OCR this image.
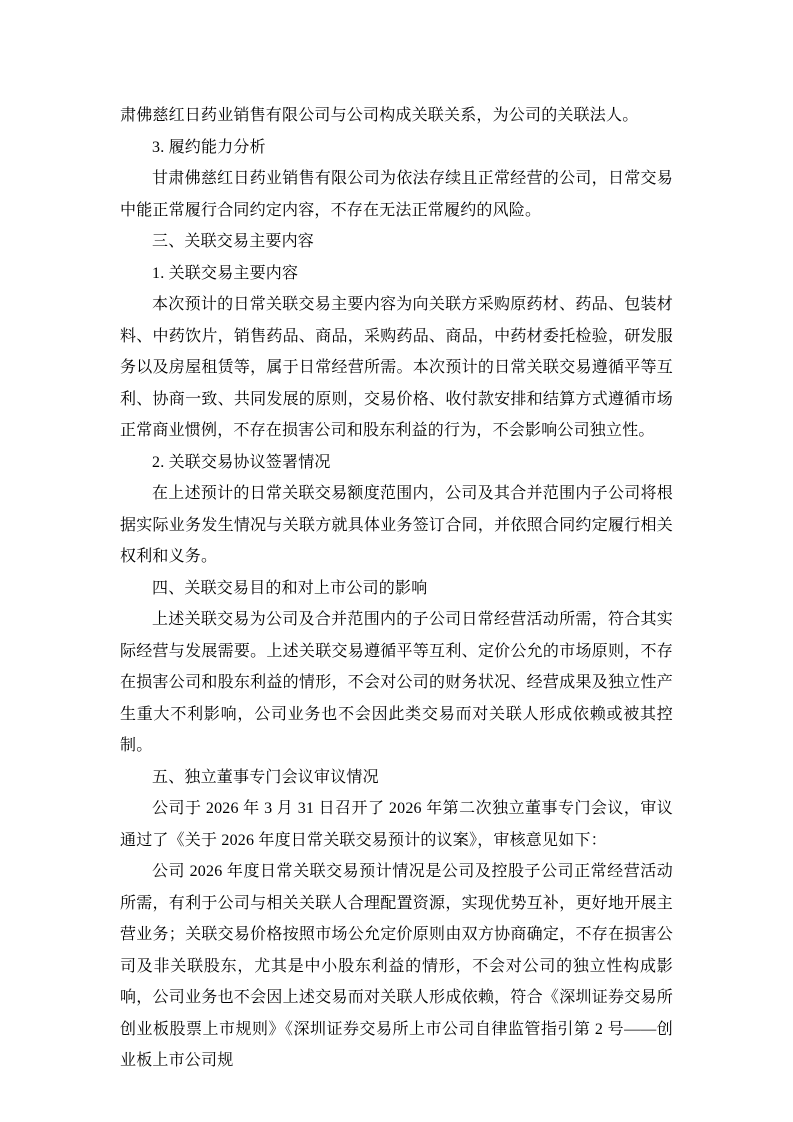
肃佛慈红日药业销售有限公司与公司构成关联关系，为公司的关联法人。

3. 履约能力分析

甘肃佛慈红日药业销售有限公司为依法存续且正常经营的公司，日常交易中能正常履行合同约定内容，不存在无法正常履约的风险。

三、关联交易主要内容

1. 关联交易主要内容

本次预计的日常关联交易主要内容为向关联方采购原药材、药品、包装材料、中药饮片，销售药品、商品，采购药品、商品，中药材委托检验，研发服务以及房屋租赁等，属于日常经营所需。本次预计的日常关联交易遵循平等互利、协商一致、共同发展的原则，交易价格、收付款安排和结算方式遵循市场正常商业惯例，不存在损害公司和股东利益的行为，不会影响公司独立性。

2. 关联交易协议签署情况

在上述预计的日常关联交易额度范围内，公司及其合并范围内子公司将根据实际业务发生情况与关联方就具体业务签订合同，并依照合同约定履行相关权利和义务。

四、关联交易目的和对上市公司的影响

上述关联交易为公司及合并范围内的子公司日常经营活动所需，符合其实际经营与发展需要。上述关联交易遵循平等互利、定价公允的市场原则，不存在损害公司和股东利益的情形，不会对公司的财务状况、经营成果及独立性产生重大不利影响，公司业务也不会因此类交易而对关联人形成依赖或被其控制。

五、独立董事专门会议审议情况

公司于 2026 年 3 月 31 日召开了 2026 年第二次独立董事专门会议，审议通过了《关于 2026 年度日常关联交易预计的议案》，审核意见如下：

公司 2026 年度日常关联交易预计情况是公司及控股子公司正常经营活动所需，有利于公司与相关关联人合理配置资源，实现优势互补，更好地开展主营业务；关联交易价格按照市场公允定价原则由双方协商确定，不存在损害公司及非关联股东，尤其是中小股东利益的情形，不会对公司的独立性构成影响，公司业务也不会因上述交易而对关联人形成依赖，符合《深圳证券交易所创业板股票上市规则》《深圳证券交易所上市公司自律监管指引第 2 号——创业板上市公司规
